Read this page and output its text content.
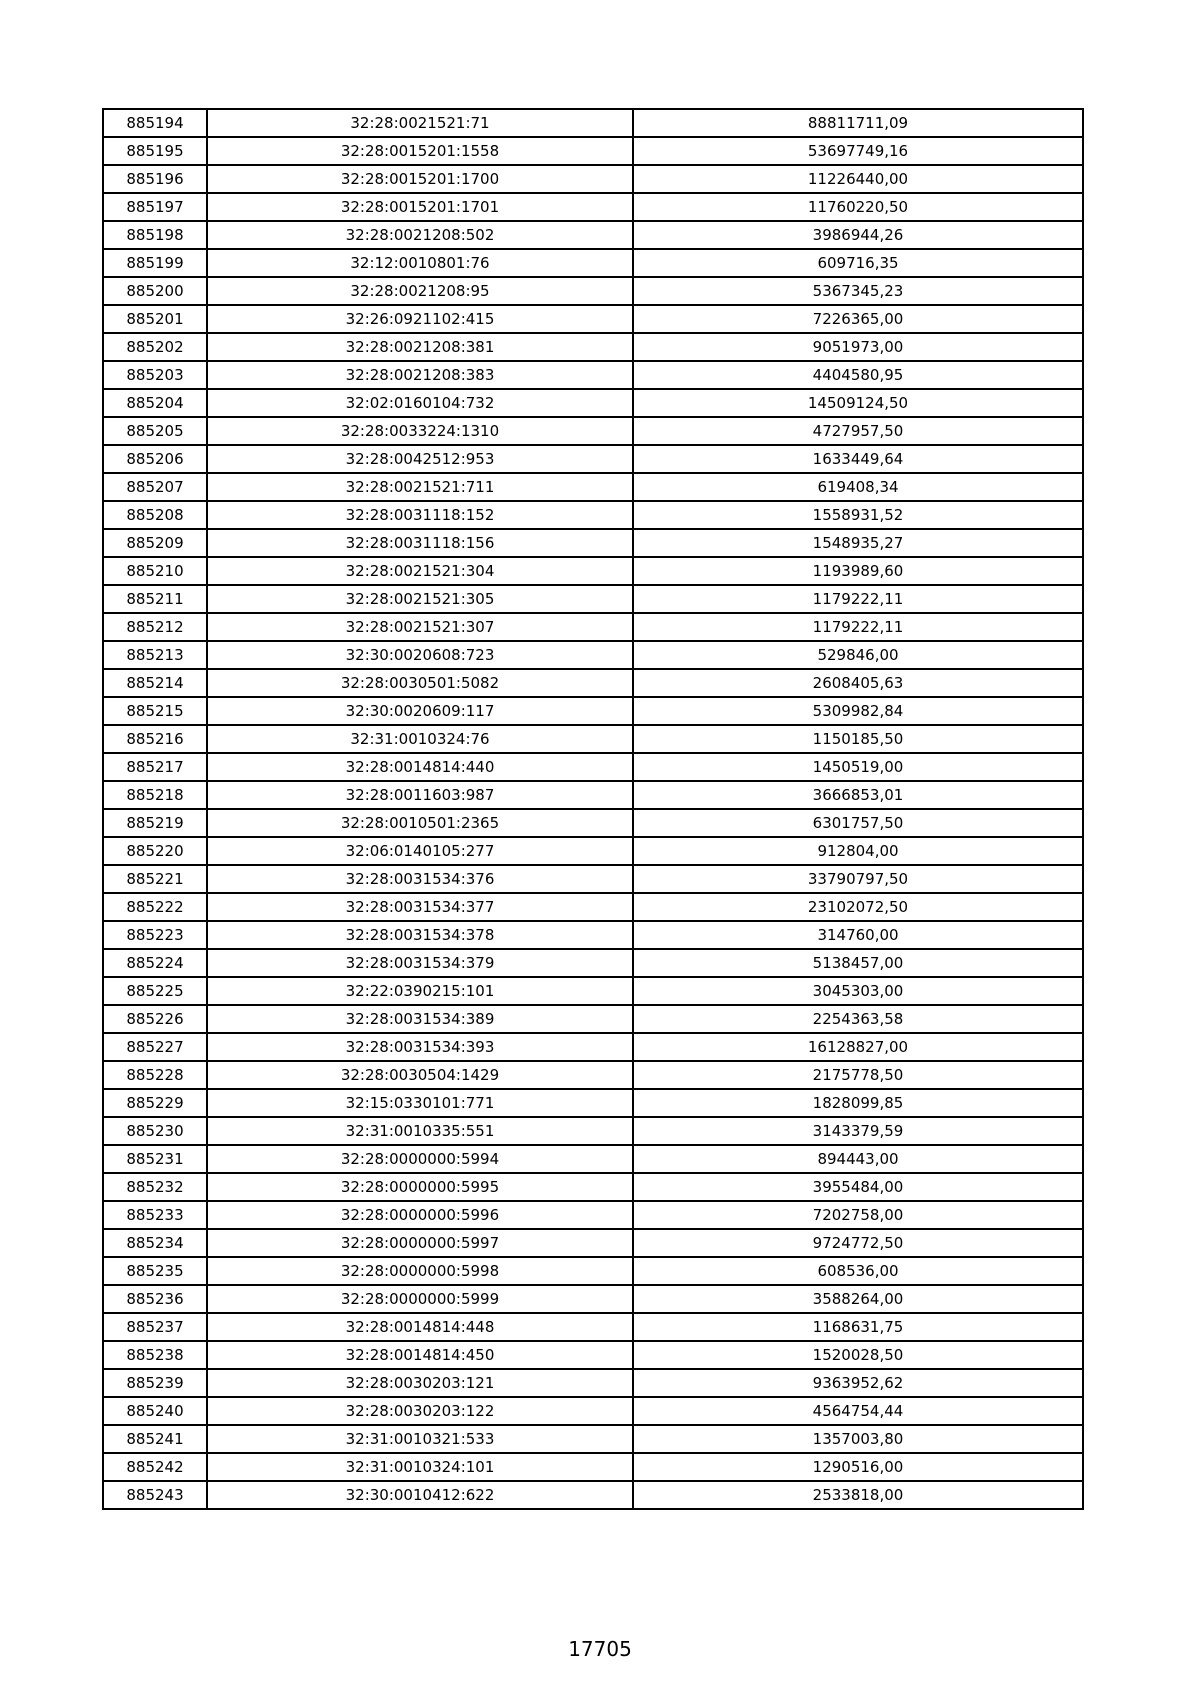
885194	32:28:0021521:71	88811711,09
885195	32:28:0015201:1558	53697749,16
885196	32:28:0015201:1700	11226440,00
885197	32:28:0015201:1701	11760220,50
885198	32:28:0021208:502	3986944,26
885199	32:12:0010801:76	609716,35
885200	32:28:0021208:95	5367345,23
885201	32:26:0921102:415	7226365,00
885202	32:28:0021208:381	9051973,00
885203	32:28:0021208:383	4404580,95
885204	32:02:0160104:732	14509124,50
885205	32:28:0033224:1310	4727957,50
885206	32:28:0042512:953	1633449,64
885207	32:28:0021521:711	619408,34
885208	32:28:0031118:152	1558931,52
885209	32:28:0031118:156	1548935,27
885210	32:28:0021521:304	1193989,60
885211	32:28:0021521:305	1179222,11
885212	32:28:0021521:307	1179222,11
885213	32:30:0020608:723	529846,00
885214	32:28:0030501:5082	2608405,63
885215	32:30:0020609:117	5309982,84
885216	32:31:0010324:76	1150185,50
885217	32:28:0014814:440	1450519,00
885218	32:28:0011603:987	3666853,01
885219	32:28:0010501:2365	6301757,50
885220	32:06:0140105:277	912804,00
885221	32:28:0031534:376	33790797,50
885222	32:28:0031534:377	23102072,50
885223	32:28:0031534:378	314760,00
885224	32:28:0031534:379	5138457,00
885225	32:22:0390215:101	3045303,00
885226	32:28:0031534:389	2254363,58
885227	32:28:0031534:393	16128827,00
885228	32:28:0030504:1429	2175778,50
885229	32:15:0330101:771	1828099,85
885230	32:31:0010335:551	3143379,59
885231	32:28:0000000:5994	894443,00
885232	32:28:0000000:5995	3955484,00
885233	32:28:0000000:5996	7202758,00
885234	32:28:0000000:5997	9724772,50
885235	32:28:0000000:5998	608536,00
885236	32:28:0000000:5999	3588264,00
885237	32:28:0014814:448	1168631,75
885238	32:28:0014814:450	1520028,50
885239	32:28:0030203:121	9363952,62
885240	32:28:0030203:122	4564754,44
885241	32:31:0010321:533	1357003,80
885242	32:31:0010324:101	1290516,00
885243	32:30:0010412:622	2533818,00
17705
